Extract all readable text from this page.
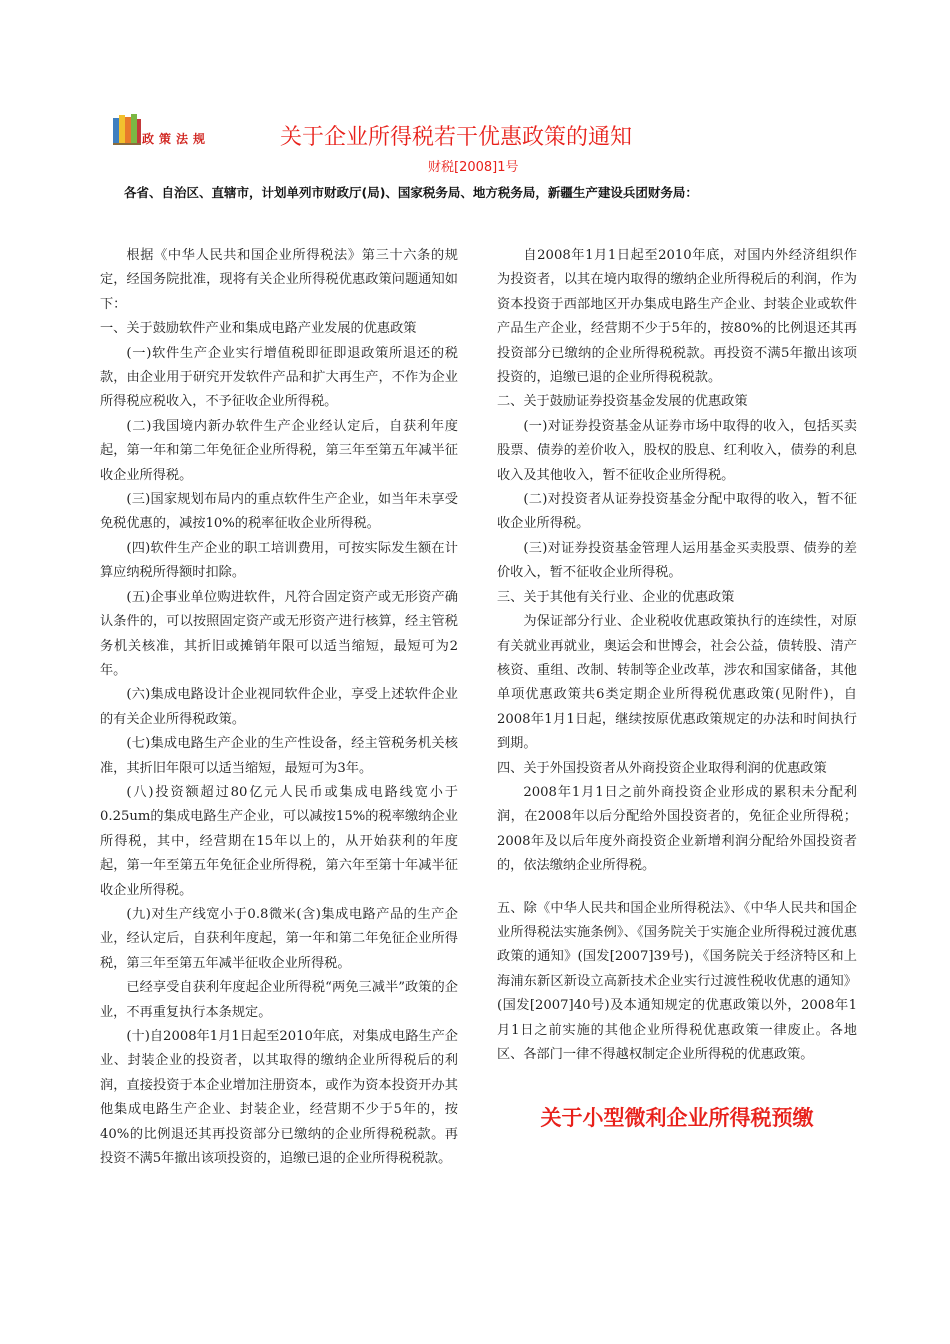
政策法规	关于企业所得税若干优惠政策的通知
财税[2008]1号
各省、自治区、直辖市，计划单列市财政厅(局)、国家税务局、地方税务局，新疆生产建设兵团财务局：

根据《中华人民共和国企业所得税法》第三十六条的规定，经国务院批准，现将有关企业所得税优惠政策问题通知如下：

一、关于鼓励软件产业和集成电路产业发展的优惠政策

(一)软件生产企业实行增值税即征即退政策所退还的税款，由企业用于研究开发软件产品和扩大再生产，不作为企业所得税应税收入，不予征收企业所得税。

(二)我国境内新办软件生产企业经认定后，自获利年度起，第一年和第二年免征企业所得税，第三年至第五年减半征收企业所得税。

(三)国家规划布局内的重点软件生产企业，如当年未享受免税优惠的，减按10%的税率征收企业所得税。

(四)软件生产企业的职工培训费用，可按实际发生额在计算应纳税所得额时扣除。

(五)企事业单位购进软件，凡符合固定资产或无形资产确认条件的，可以按照固定资产或无形资产进行核算，经主管税务机关核准，其折旧或摊销年限可以适当缩短，最短可为2年。

(六)集成电路设计企业视同软件企业，享受上述软件企业的有关企业所得税政策。

(七)集成电路生产企业的生产性设备，经主管税务机关核准，其折旧年限可以适当缩短，最短可为3年。

(八)投资额超过80亿元人民币或集成电路线宽小于0.25um的集成电路生产企业，可以减按15%的税率缴纳企业所得税，其中，经营期在15年以上的，从开始获利的年度起，第一年至第五年免征企业所得税，第六年至第十年减半征收企业所得税。

(九)对生产线宽小于0.8微米(含)集成电路产品的生产企业，经认定后，自获利年度起，第一年和第二年免征企业所得税，第三年至第五年减半征收企业所得税。

已经享受自获利年度起企业所得税“两免三减半”政策的企业，不再重复执行本条规定。

(十)自2008年1月1日起至2010年底，对集成电路生产企业、封装企业的投资者，以其取得的缴纳企业所得税后的利润，直接投资于本企业增加注册资本，或作为资本投资开办其他集成电路生产企业、封装企业，经营期不少于5年的，按40%的比例退还其再投资部分已缴纳的企业所得税税款。再投资不满5年撤出该项投资的，追缴已退的企业所得税税款。

自2008年1月1日起至2010年底，对国内外经济组织作为投资者，以其在境内取得的缴纳企业所得税后的利润，作为资本投资于西部地区开办集成电路生产企业、封装企业或软件产品生产企业，经营期不少于5年的，按80%的比例退还其再投资部分已缴纳的企业所得税税款。再投资不满5年撤出该项投资的，追缴已退的企业所得税税款。

二、关于鼓励证券投资基金发展的优惠政策

(一)对证券投资基金从证券市场中取得的收入，包括买卖股票、债券的差价收入，股权的股息、红利收入，债券的利息收入及其他收入，暂不征收企业所得税。

(二)对投资者从证券投资基金分配中取得的收入，暂不征收企业所得税。

(三)对证券投资基金管理人运用基金买卖股票、债券的差价收入，暂不征收企业所得税。

三、关于其他有关行业、企业的优惠政策

为保证部分行业、企业税收优惠政策执行的连续性，对原有关就业再就业，奥运会和世博会，社会公益，债转股、清产核资、重组、改制、转制等企业改革，涉农和国家储备，其他单项优惠政策共6类定期企业所得税优惠政策(见附件)，自2008年1月1日起，继续按原优惠政策规定的办法和时间执行到期。

四、关于外国投资者从外商投资企业取得利润的优惠政策

2008年1月1日之前外商投资企业形成的累积未分配利润，在2008年以后分配给外国投资者的，免征企业所得税；2008年及以后年度外商投资企业新增利润分配给外国投资者的，依法缴纳企业所得税。

五、除《中华人民共和国企业所得税法》、《中华人民共和国企业所得税法实施条例》、《国务院关于实施企业所得税过渡优惠政策的通知》(国发[2007]39号)，《国务院关于经济特区和上海浦东新区新设立高新技术企业实行过渡性税收优惠的通知》(国发[2007]40号)及本通知规定的优惠政策以外，2008年1月1日之前实施的其他企业所得税优惠政策一律废止。各地区、各部门一律不得越权制定企业所得税的优惠政策。

关于小型微利企业所得税预缴
